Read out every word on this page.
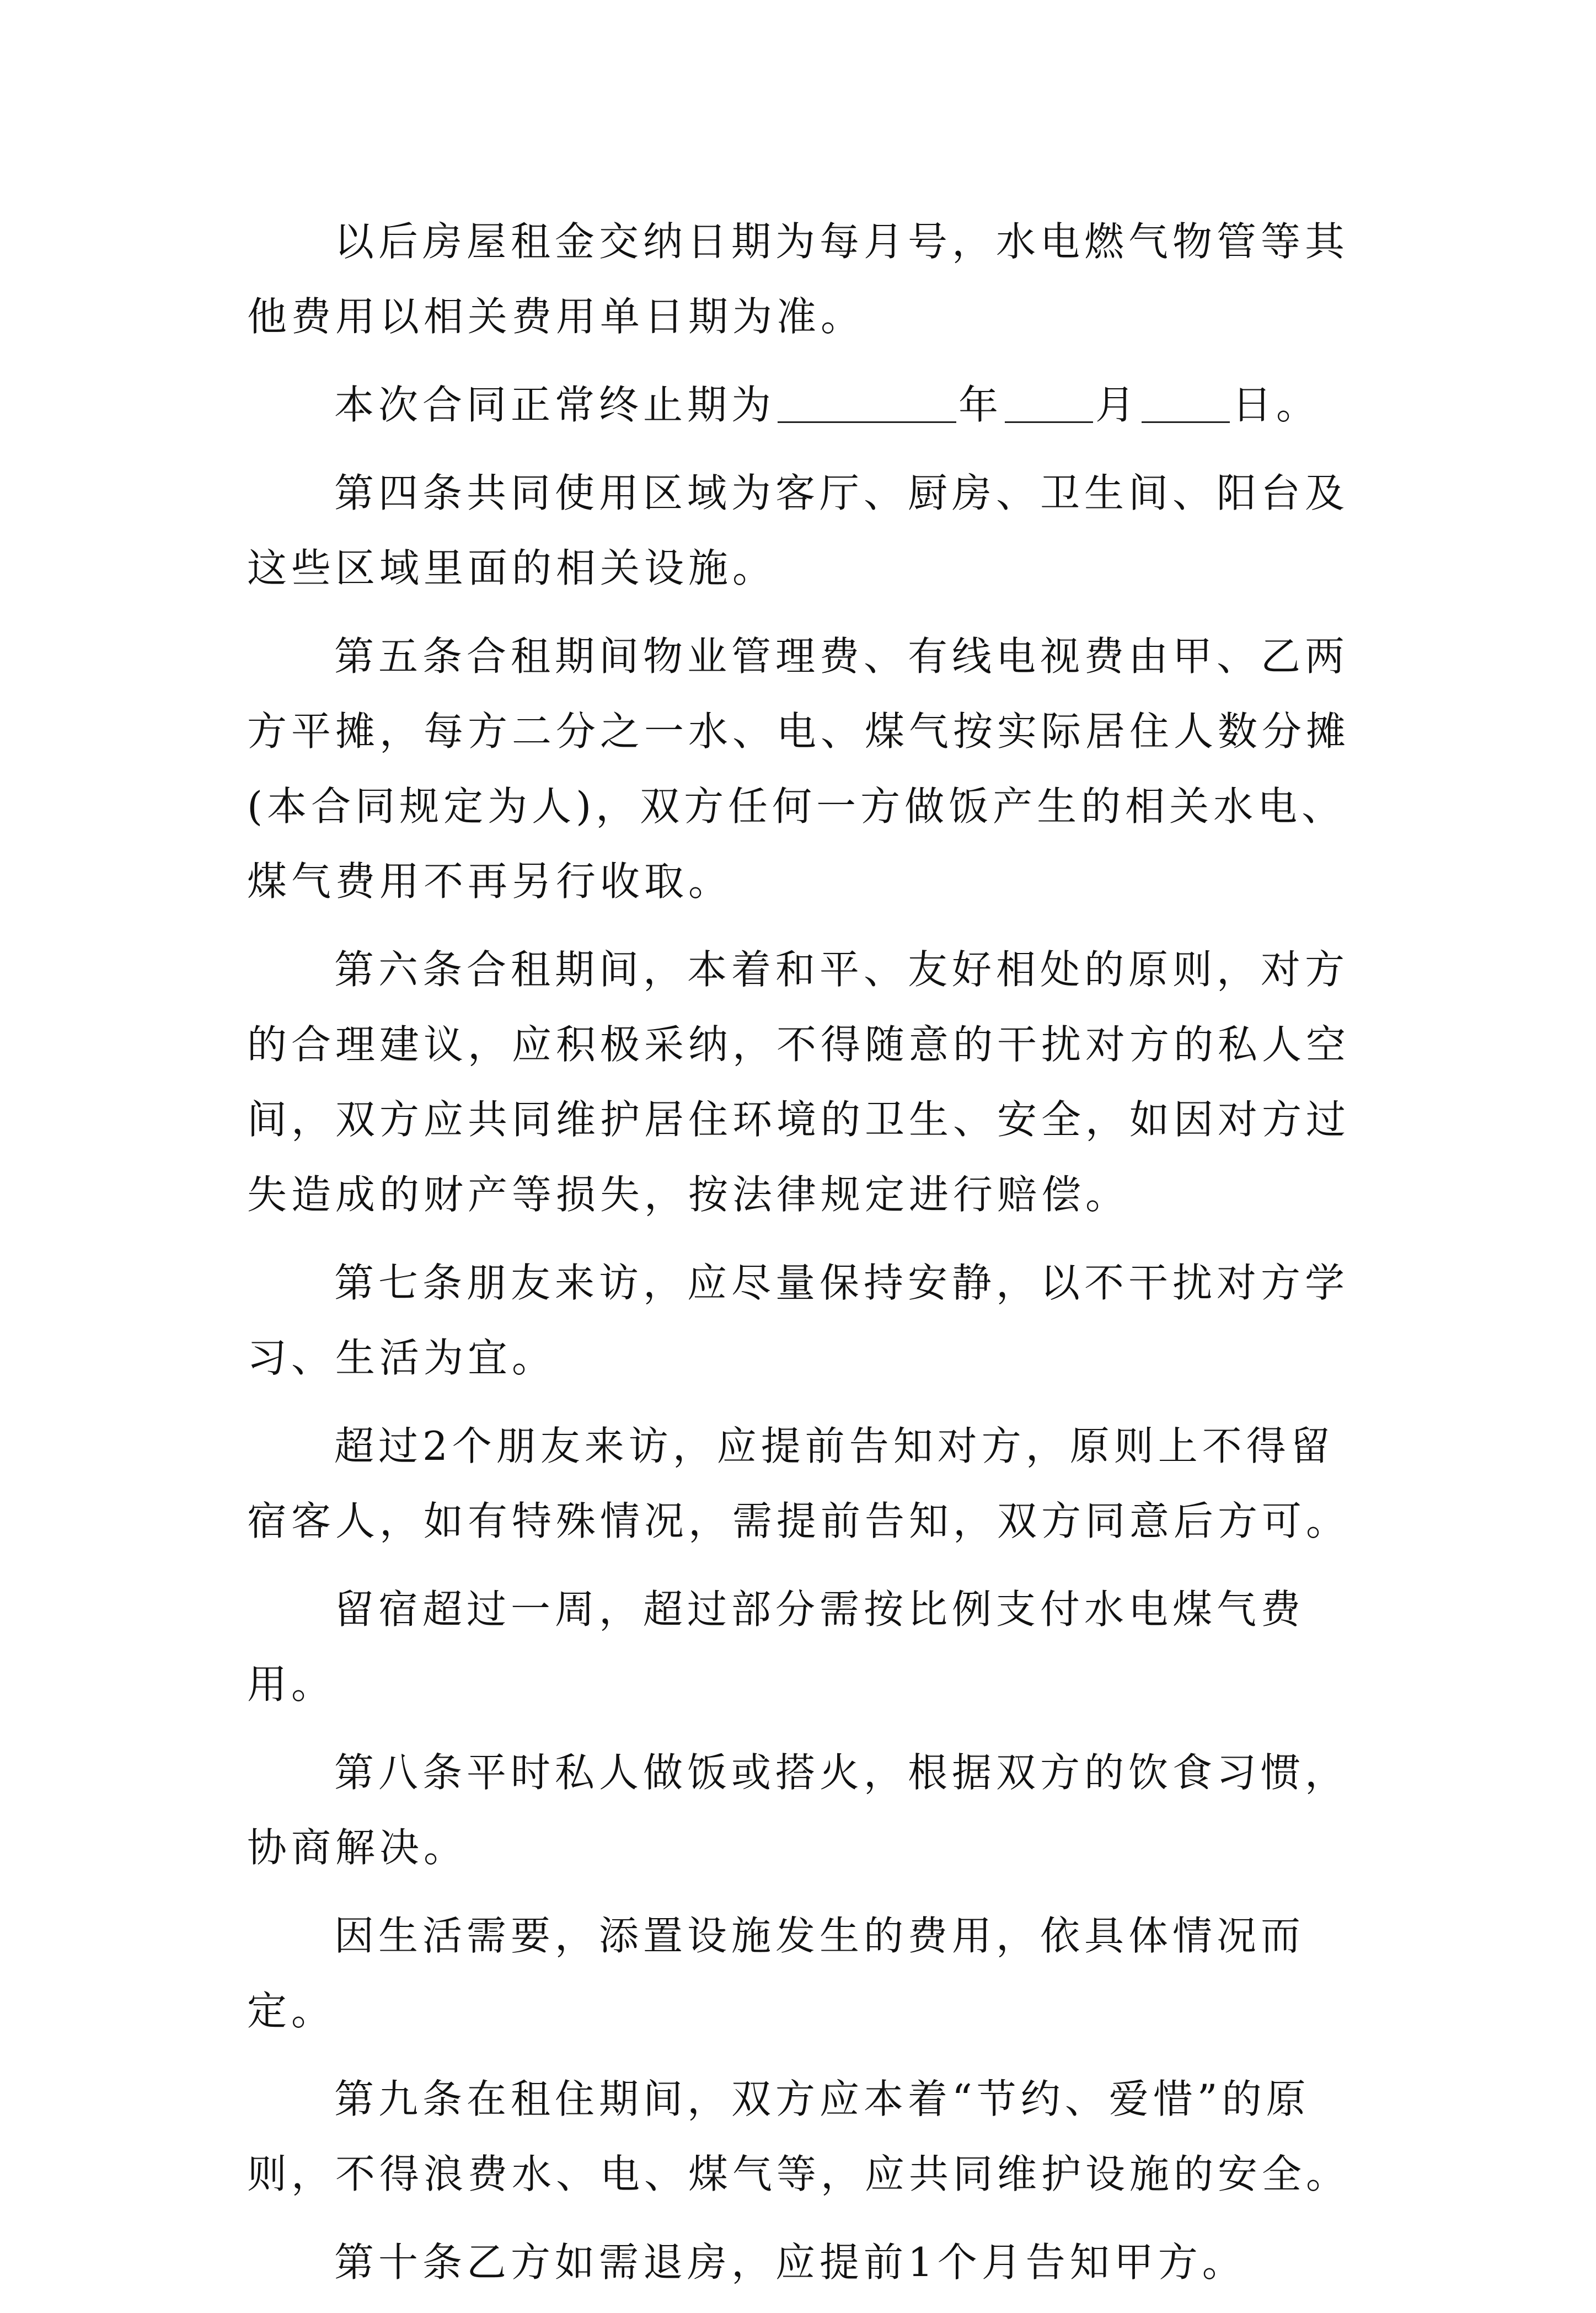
以后房屋租金交纳日期为每月号，水电燃气物管等其他费用以相关费用单日期为准。

本次合同正常终止期为	年 月 日。

第四条共同使用区域为客厅、厨房、卫生间、阳台及这些区域里面的相关设施。

第五条合租期间物业管理费、有线电视费由甲、乙两方平摊，每方二分之一水、电、煤气按实际居住人数分摊(本合同规定为人)，双方任何一方做饭产生的相关水电、煤气费用不再另行收取。

第六条合租期间，本着和平、友好相处的原则，对方的合理建议，应积极采纳，不得随意的干扰对方的私人空间，双方应共同维护居住环境的卫生、安全，如因对方过失造成的财产等损失，按法律规定进行赔偿。

第七条朋友来访，应尽量保持安静，以不干扰对方学习、生活为宜。

超过2个朋友来访，应提前告知对方，原则上不得留宿客人，如有特殊情况，需提前告知，双方同意后方可。

留宿超过一周，超过部分需按比例支付水电煤气费用。

第八条平时私人做饭或搭火，根据双方的饮食习惯，协商解决。

因生活需要，添置设施发生的费用，依具体情况而定。

第九条在租住期间，双方应本着“节约、爱惜”的原则，不得浪费水、电、煤气等，应共同维护设施的安全。

第十条乙方如需退房，应提前1个月告知甲方。
